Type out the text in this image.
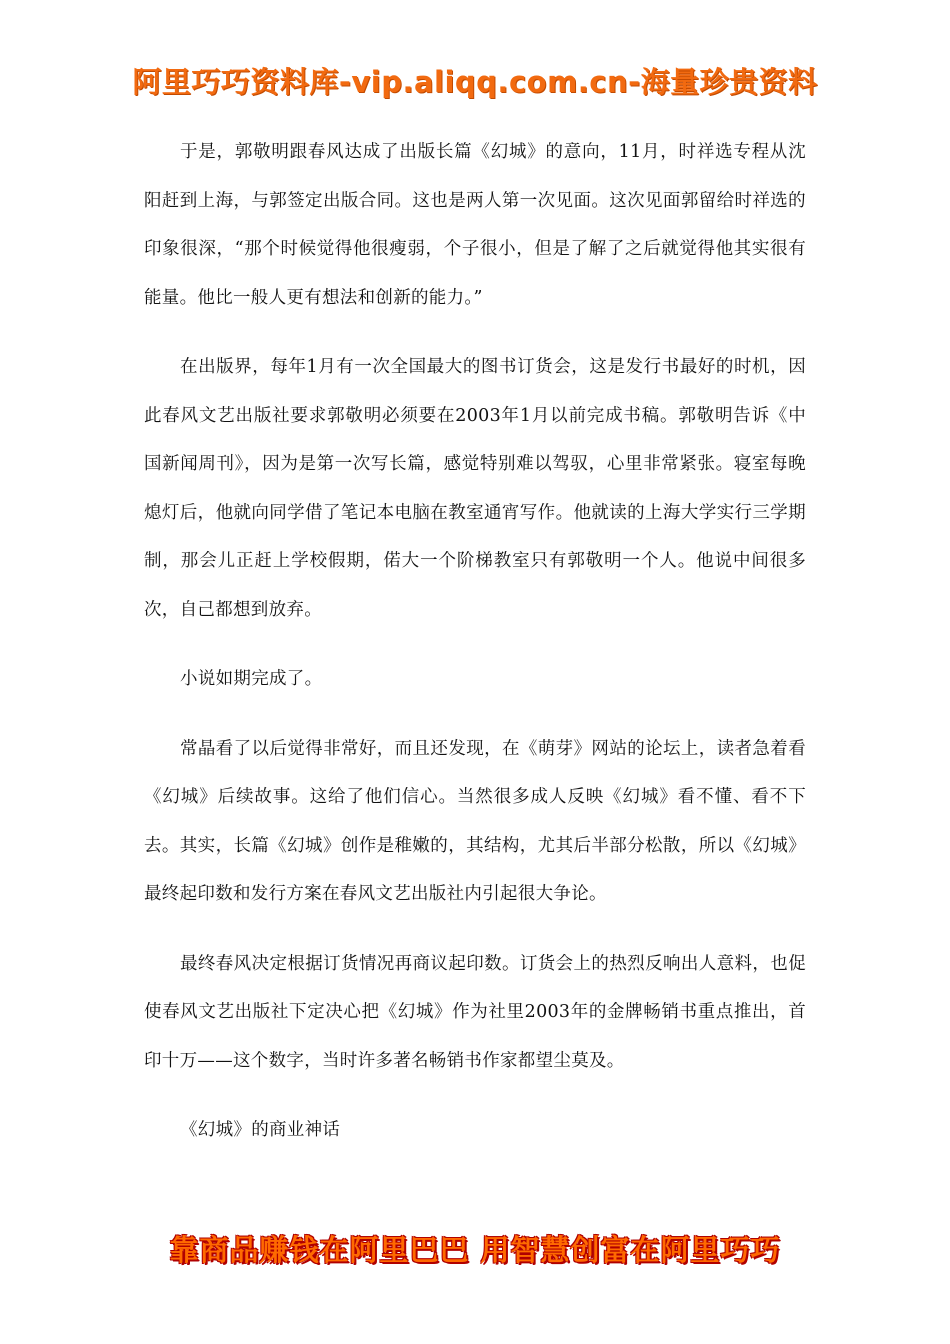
阿里巧巧资料库-vip.aliqq.com.cn-海量珍贵资料

于是，郭敬明跟春风达成了出版长篇《幻城》的意向，11月，时祥选专程从沈阳赶到上海，与郭签定出版合同。这也是两人第一次见面。这次见面郭留给时祥选的印象很深，“那个时候觉得他很瘦弱，个子很小，但是了解了之后就觉得他其实很有能量。他比一般人更有想法和创新的能力。”

在出版界，每年1月有一次全国最大的图书订货会，这是发行书最好的时机，因此春风文艺出版社要求郭敬明必须要在2003年1月以前完成书稿。郭敬明告诉《中国新闻周刊》，因为是第一次写长篇，感觉特别难以驾驭，心里非常紧张。寝室每晚熄灯后，他就向同学借了笔记本电脑在教室通宵写作。他就读的上海大学实行三学期制，那会儿正赶上学校假期，偌大一个阶梯教室只有郭敬明一个人。他说中间很多次，自己都想到放弃。

小说如期完成了。

常晶看了以后觉得非常好，而且还发现，在《萌芽》网站的论坛上，读者急着看《幻城》后续故事。这给了他们信心。当然很多成人反映《幻城》看不懂、看不下去。其实，长篇《幻城》创作是稚嫩的，其结构，尤其后半部分松散，所以《幻城》最终起印数和发行方案在春风文艺出版社内引起很大争论。

最终春风决定根据订货情况再商议起印数。订货会上的热烈反响出人意料，也促使春风文艺出版社下定决心把《幻城》作为社里2003年的金牌畅销书重点推出，首印十万——这个数字，当时许多著名畅销书作家都望尘莫及。

《幻城》的商业神话

靠商品赚钱在阿里巴巴 用智慧创富在阿里巧巧
